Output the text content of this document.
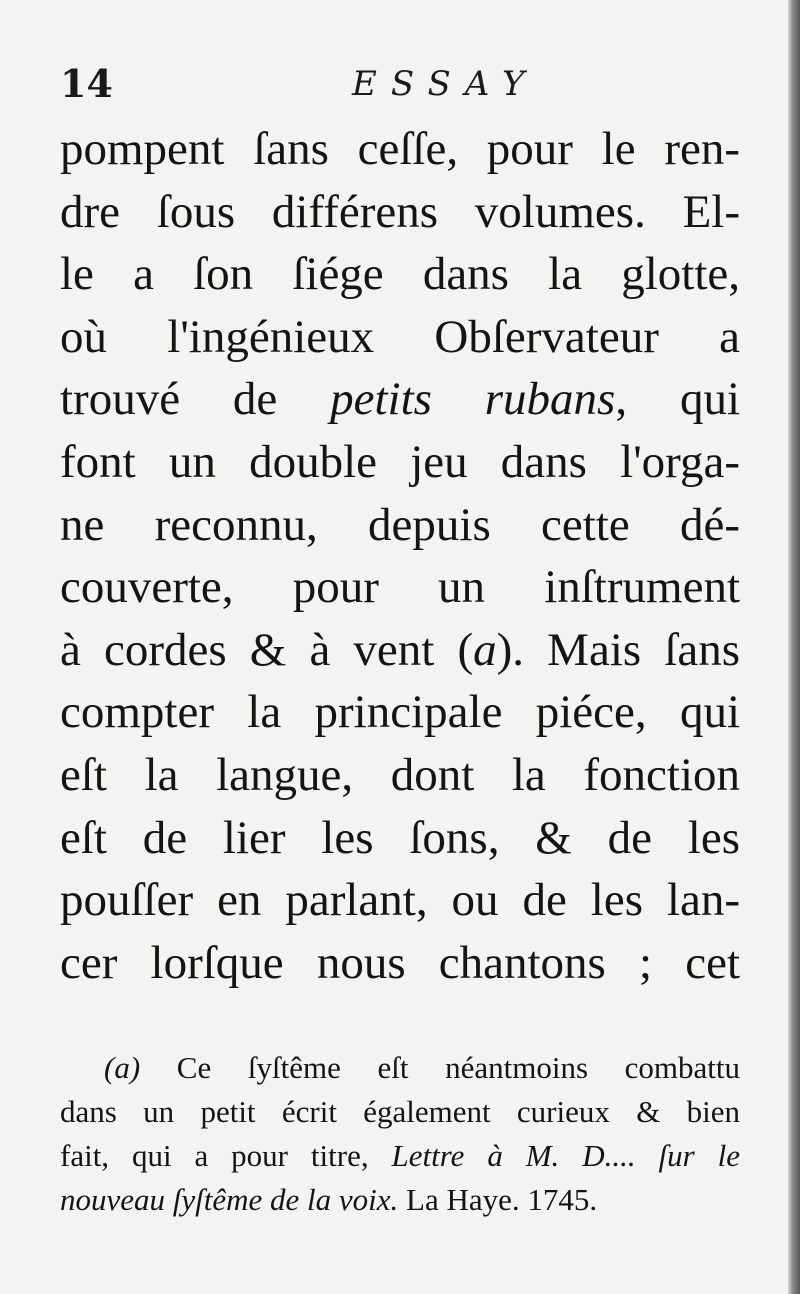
14	ESSAY
pompent ſans ceſſe, pour le ren-
dre ſous différens volumes. El-
le a ſon ſiége dans la glotte,
où l'ingénieux Obſervateur a
trouvé de petits rubans, qui
font un double jeu dans l'orga-
ne reconnu, depuis cette dé-
couverte, pour un inſtrument
à cordes & à vent (a). Mais ſans
compter la principale piéce, qui
eſt la langue, dont la fonction
eſt de lier les ſons, & de les
pouſſer en parlant, ou de les lan-
cer lorſque nous chantons ; cet
(a) Ce ſyſtême eſt néantmoins combattu
dans un petit écrit également curieux & bien
fait, qui a pour titre, Lettre à M. D.... ſur le
nouveau ſyſtême de la voix. La Haye. 1745.
